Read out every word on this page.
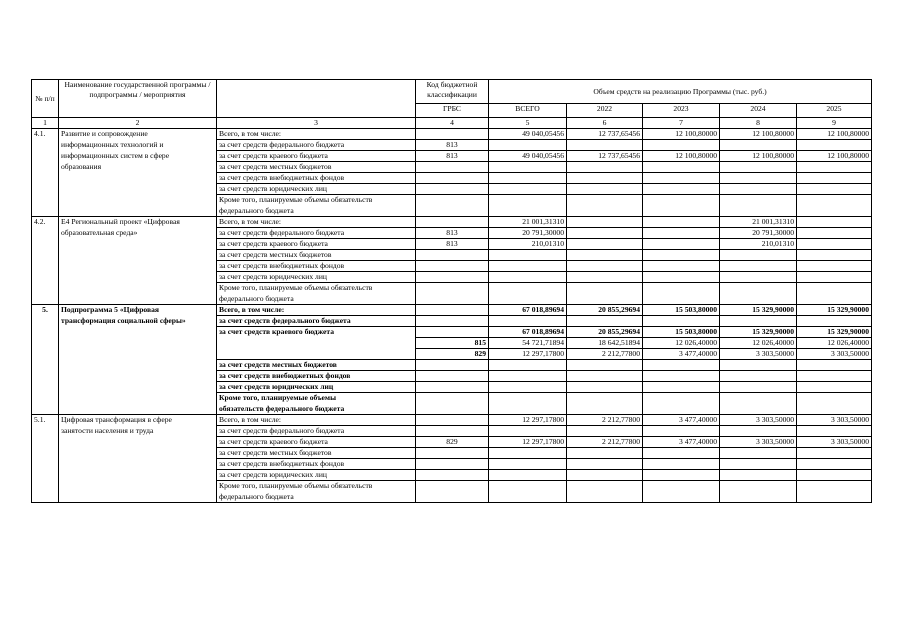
№ п/п	Наименование государственной программы / подпрограммы / мероприятия		Код бюджетной классификации	Объем средств на реализацию Программы (тыс. руб.)				
			ГРБС	ВСЕГО	2022	2023	2024	2025
1	2	3	4	5	6	7	8	9
4.1.	Развитие и сопровождение	Всего, в том числе:		49 040,05456	12 737,65456	12 100,80000	12 100,80000	12 100,80000
	информационных технологий и	за счет средств федерального бюджета	813					
	информационных систем в сфере	за счет средств краевого бюджета	813	49 040,05456	12 737,65456	12 100,80000	12 100,80000	12 100,80000
	образования	за счет средств местных бюджетов						
		за счет средств внебюджетных фондов						
		за счет средств юридических лиц						
		Кроме того, планируемые объемы обязательств						
		федерального бюджета						
4.2.	Е4 Региональный проект «Цифровая	Всего, в том числе:		21 001,31310			21 001,31310	
	образовательная среда»	за счет средств федерального бюджета	813	20 791,30000			20 791,30000	
		за счет средств краевого бюджета	813	210,01310			210,01310	
		за счет средств местных бюджетов						
		за счет средств внебюджетных фондов						
		за счет средств юридических лиц						
		Кроме того, планируемые объемы обязательств						
		федерального бюджета						
5.	Подпрограмма 5 «Цифровая	Всего, в том числе:		67 018,89694	20 855,29694	15 503,80000	15 329,90000	15 329,90000
	трансформация социальной сферы»	за счет средств федерального бюджета						
		за счет средств краевого бюджета		67 018,89694	20 855,29694	15 503,80000	15 329,90000	15 329,90000
			815	54 721,71894	18 642,51894	12 026,40000	12 026,40000	12 026,40000
			829	12 297,17800	2 212,77800	3 477,40000	3 303,50000	3 303,50000
		за счет средств местных бюджетов						
		за счет средств внебюджетных фондов						
		за счет средств юридических лиц						
		Кроме того, планируемые объемы						
		обязательств федерального бюджета						
5.1.	Цифровая трансформация в сфере	Всего, в том числе:		12 297,17800	2 212,77800	3 477,40000	3 303,50000	3 303,50000
	занятости населения и труда	за счет средств федерального бюджета						
		за счет средств краевого бюджета	829	12 297,17800	2 212,77800	3 477,40000	3 303,50000	3 303,50000
		за счет средств местных бюджетов						
		за счет средств внебюджетных фондов						
		за счет средств юридических лиц						
		Кроме того, планируемые объемы обязательств						
		федерального бюджета						
